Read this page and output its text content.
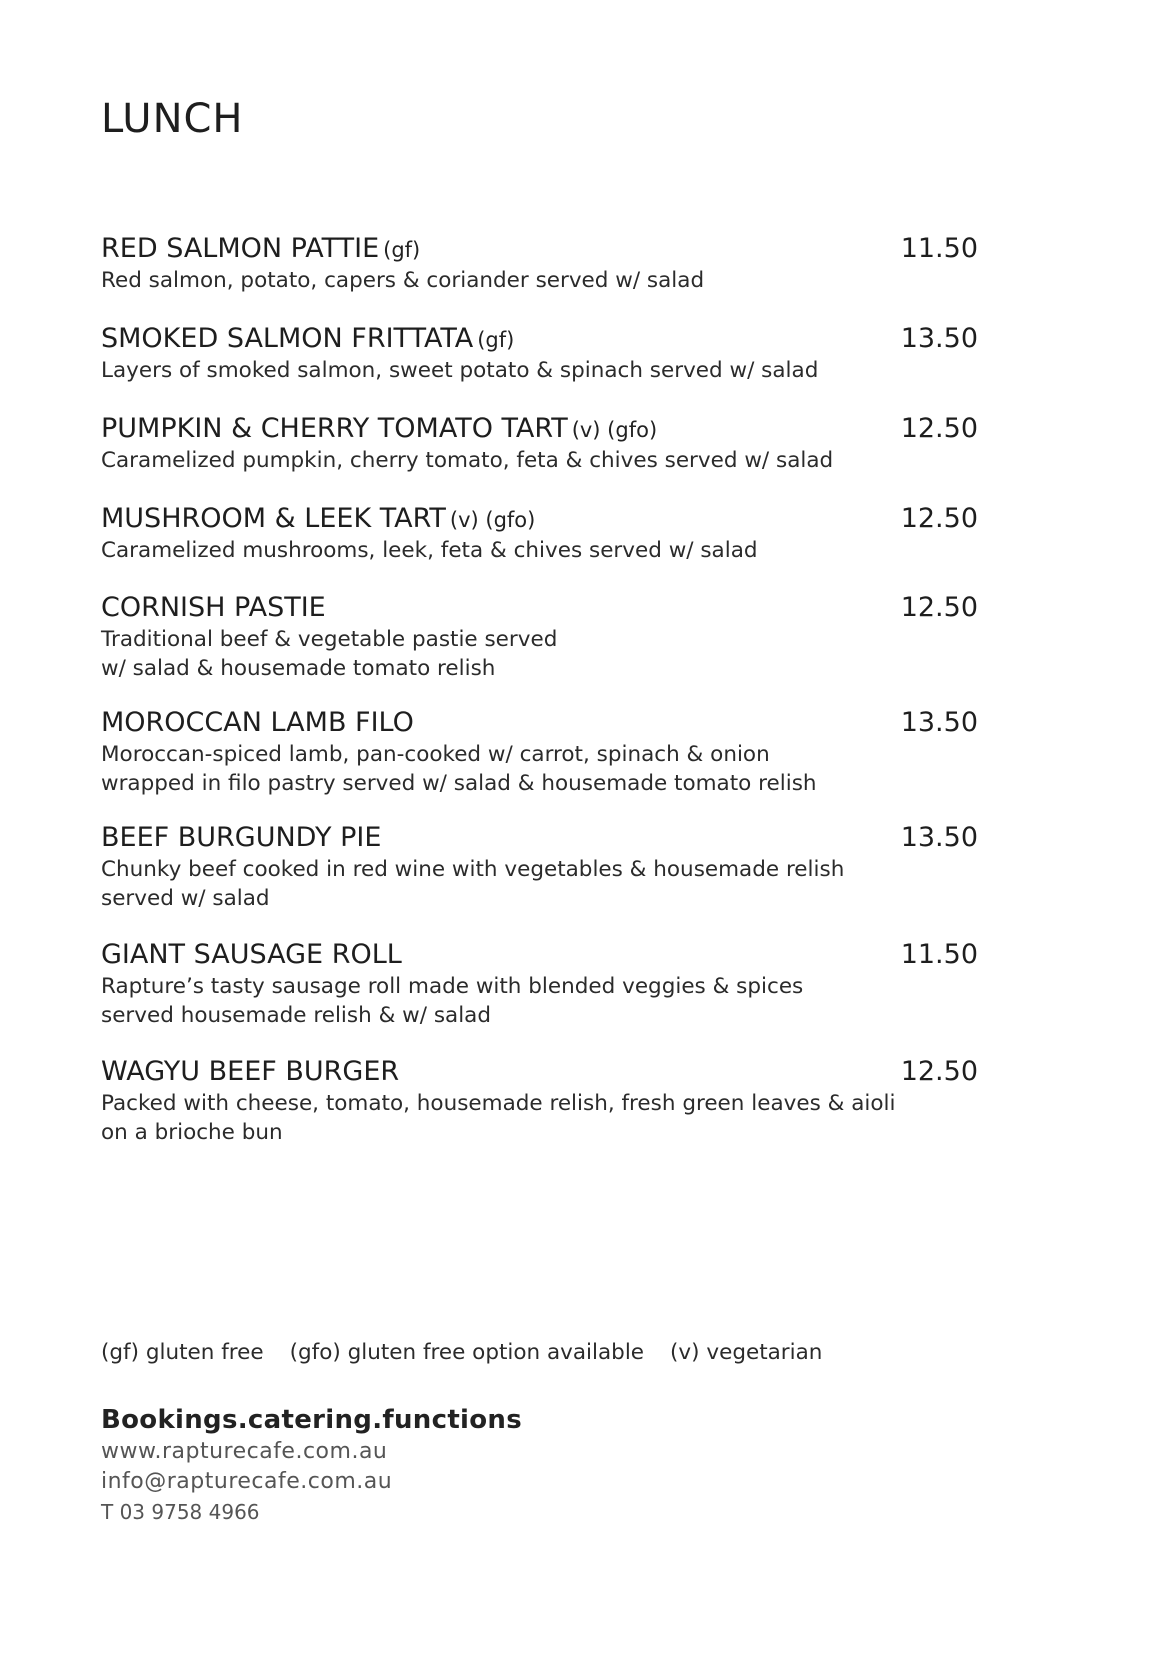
LUNCH
RED SALMON PATTIE (gf)	11.50
Red salmon, potato, capers & coriander served w/ salad
SMOKED SALMON FRITTATA (gf)	13.50
Layers of smoked salmon, sweet potato & spinach served w/ salad
PUMPKIN & CHERRY TOMATO TART (v) (gfo)	12.50
Caramelized pumpkin, cherry tomato, feta & chives served w/ salad
MUSHROOM & LEEK TART (v) (gfo)	12.50
Caramelized mushrooms, leek, feta & chives served w/ salad
CORNISH PASTIE	12.50
Traditional beef & vegetable pastie served
w/ salad & housemade tomato relish
MOROCCAN LAMB FILO	13.50
Moroccan-spiced lamb, pan-cooked w/ carrot, spinach & onion
wrapped in filo pastry served w/ salad & housemade tomato relish
BEEF BURGUNDY PIE	13.50
Chunky beef cooked in red wine with vegetables & housemade relish
served w/ salad
GIANT SAUSAGE ROLL	11.50
Rapture’s tasty sausage roll made with blended veggies & spices
served housemade relish & w/ salad
WAGYU BEEF BURGER	12.50
Packed with cheese, tomato, housemade relish, fresh green leaves & aioli
on a brioche bun
(gf) gluten free (gfo) gluten free option available (v) vegetarian
Bookings.catering.functions
www.rapturecafe.com.au
info@rapturecafe.com.au
T 03 9758 4966
